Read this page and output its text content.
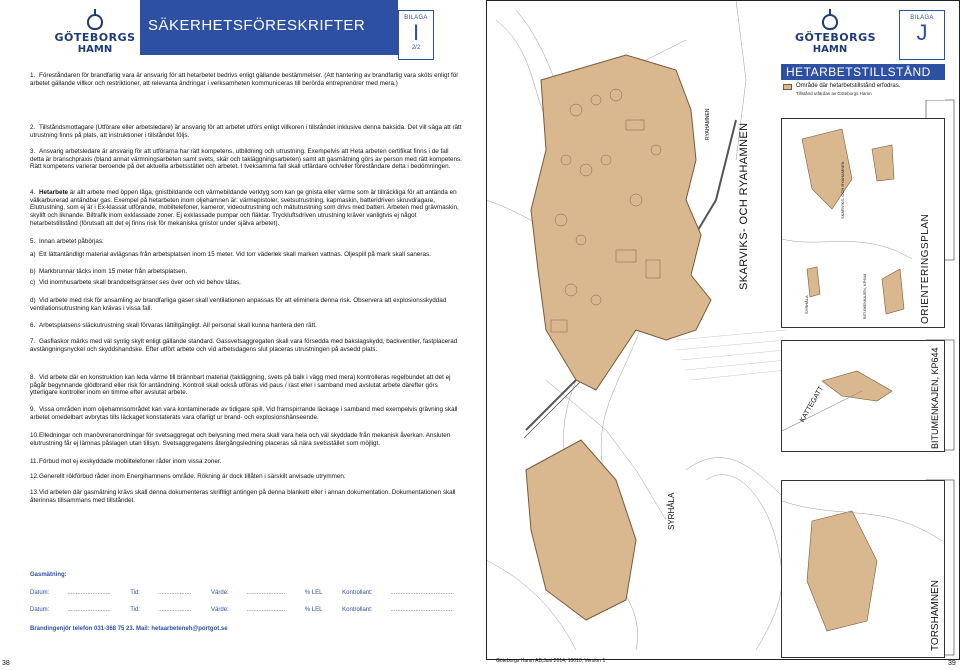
GÖTEBORGS
HAMN
SÄKERHETSFÖRESKRIFTER	BILAGA
I
2/2
1. Föreståndaren för brandfarlig vara är ansvarig för att hetarbetet bedrivs enligt gällande bestämmelser. (Att hantering av brandfarlig vara sköts enligt för arbetet gällande villkor och restriktioner, att relevanta ändringar i verksamheten kommuniceras till berörda entreprenörer med mera.)
2. Tillståndsmottagare (Utförare eller arbetsledare) är ansvarig för att arbetet utförs enligt villkoren i tillståndet inklusive denna baksida. Det vill säga att rätt utrustning finns på plats, att instruktioner i tillståndet följs.
3. Ansvarig arbetsledare är ansvarig för att utförarna har rätt kompetens, utbildning och utrustning. Exempelvis att Heta arbeten certifikat finns i de fall detta är branschpraxis (bland annat värmningsarbeten samt svets, skär och takläggningsarbeten) samt att gasmätning görs av person med rätt kompetens. Rätt kompetens varierar beroende på det aktuella arbetsstället och arbetet. I tveksamma fall skall utfärdare och/eller föreståndare delta i bedömningen.
4. Hetarbete är allt arbete med öppen låga, gnistbildande och värmebildande verktyg som kan ge gnista eller värme som är tillräckliga för att antända en välkarburerad antändbar gas. Exempel på hetarbeten inom oljehamnen är: värmepistoler, svetsutrustning, kapmaskin, batteridriven skruvdragare, Elutrustning, som ej är i Ex-klassat utförande, mobiltelefoner, kameror, videoutrustning och mätutrustning som drivs med batteri. Arbeten med grävmaskin, skylift och liknande. Biltrafik inom exklassade zoner. Ej exklassade pumpar och fläktar. Tryckluftsdriven utrustning kräver vanligtvis ej något hetarbetstillstånd (förutsatt att det ej finns risk för mekaniska gnistor under själva arbetet).
5. Innan arbetet påbörjas:
a) Ett lättantändligt material avlägsnas från arbetsplatsen inom 15 meter. Vid torr väderlek skall marken vattnas. Oljespill på mark skall saneras.
b) Markbrunnar täcks inom 15 meter från arbetsplatsen.
c) Vid inomhusarbete skall brandcellsgränser ses över och vid behov tätas.
d) Vid arbete med risk för ansamling av brandfarliga gaser skall ventilationen anpassas för att eliminera denna risk. Observera att explosionsskyddad ventilationsutrustning kan krävas i vissa fall.
6. Arbetsplatsens släckutrustning skall förvaras lättillgängligt. All personal skall kunna hantera den rätt.
7. Gasflaskor märks med väl synlig skylt enligt gällande standard. Gassvetsaggregaten skall vara försedda med bakslagskydd, backventiler, fastplacerad avstängningsnyckel och skyddshandske. Efter utfört arbete och vid arbetsdagens slut placeras utrustningen på avsedd plats.
8. Vid arbete där en konstruktion kan leda värme till brännbart material (takläggning, svets på balk i vägg med mera) kontrolleras regelbundet att det ej pågår begynnande glödbrand eller risk för antändning. Kontroll skall också utföras vid paus / rast eller i samband med avslutat arbete därefter görs ytterligare kontroller inom en timme efter avslutat arbete.
9. Vissa områden inom oljehamnsområdet kan vara kontaminerade av tidigare spill. Vid framspirrande läckage i samband med exempelvis grävning skall arbetet omedelbart avbrytas tills läckaget konstaterats vara ofarligt ur brand- och explosionshänseende.
10.Elledningar och manövreranordningar för svetsaggregat och belysning med mera skall vara hela och väl skyddade från mekanisk åverkan. Ansluten elutrustning får ej lämnas påslagen utan tillsyn. Svetsaggregatens återgångsledning placeras så nära svetsstället som möjligt.
11.Förbud mot ej exskyddade mobiltelefoner råder inom vissa zoner.
12.Generellt rökförbud råder inom Energihamnens område. Rökning är dock tillåten i särskilt anvisade utrymmen.
13.Vid arbeten där gasmätning krävs skall denna dokumenteras skriftligt antingen på denna blankett eller i annan dokumentation. Dokumentationen skall återinnas tillsammans med tillståndet.
Gasmätning:
Datum:	..........................	Tid:	....................	Värde:	.......................	% LEL	Kontrollant:	......................................
Datum:	..........................	Tid:	....................	Värde:	.......................	% LEL	Kontrollant:	......................................
Brandingenjör telefon 031-368 75 23. Mail: hetaarbeteneh@portgot.se
38
BILAGA
J
GÖTEBORGS
HAMN
HETARBETSTILLSTÅND
Område där hetarbetstillstånd erfodras.
Tillstånd utfärdas av Göteborgs Hamn
ORIENTERINGSPLAN
SKARVIKS- OCH RYAHAMNEN
BITUMENKAJEN, KP644
SYRHÅLA
SKARVIKS- OCH RYAHAMNEN
RYAHAMNEN
KATTEGATT	BITUMENKAJEN, KP644
TORSHAMNEN
SYRHÅLA
Göteborgs Hamn AB,Juni 2014, 10010, Version 1	39
